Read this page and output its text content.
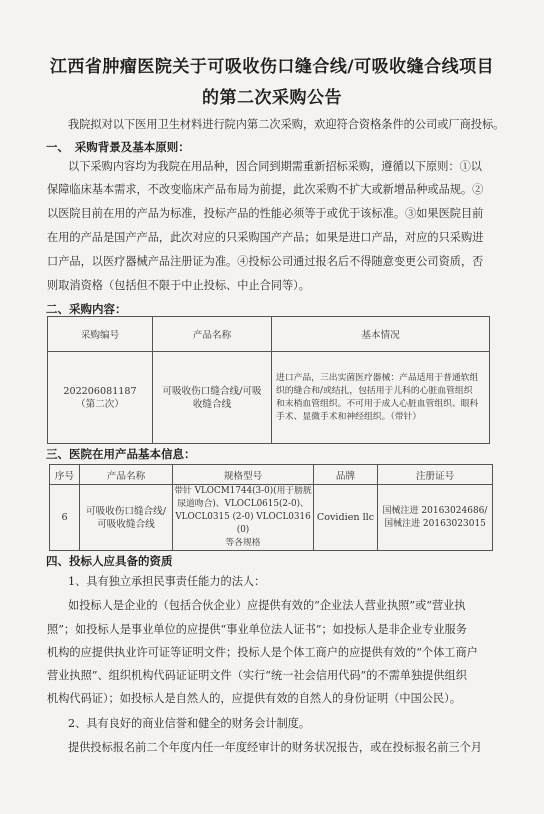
江西省肿瘤医院关于可吸收伤口缝合线/可吸收缝合线项目
的第二次采购公告
我院拟对以下医用卫生材料进行院内第二次采购，欢迎符合资格条件的公司或厂商投标。
一、　采购背景及基本原则：
以下采购内容均为我院在用品种，因合同到期需重新招标采购，遵循以下原则：①以
保障临床基本需求，不改变临床产品布局为前提，此次采购不扩大或新增品种或品规。②
以医院目前在用的产品为标准，投标产品的性能必须等于或优于该标准。③如果医院目前
在用的产品是国产产品，此次对应的只采购国产产品；如果是进口产品，对应的只采购进
口产品，以医疗器械产品注册证为准。④投标公司通过报名后不得随意变更公司资质，否
则取消资格（包括但不限于中止投标、中止合同等）。
二、采购内容：
采购编号	产品名称	基本情况

202206081187
（第二次）	可吸收伤口缝合线/可吸
收缝合线	进口产品，三出实菌医疗器械：产品适用于普通软组
织的缝合和/或结扎，包括用于儿科的心脏血管组织
和末梢血管组织。不可用于成人心脏血管组织、眼科
手术、显微手术和神经组织。（带针）
三、医院在用产品基本信息：
序号	产品名称	规格型号	品牌	注册证号
6	可吸收伤口缝合线/
可吸收缝合线	带针 VLOCM1744(3-0)(用于膀胱
尿道吻合)、VLOCL0615(2-0)、
VLOCL0315 (2-0) VLOCL0316 (0)
等各规格	Covidien llc	国械注进 20163024686/
国械注进 20163023015
四、投标人应具备的资质
1、具有独立承担民事责任能力的法人：
如投标人是企业的（包括合伙企业）应提供有效的“企业法人营业执照”或“营业执
照”；如投标人是事业单位的应提供“事业单位法人证书”；如投标人是非企业专业服务
机构的应提供执业许可证等证明文件；投标人是个体工商户的应提供有效的“个体工商户
营业执照”、组织机构代码证证明文件（实行“统一社会信用代码”的不需单独提供组织
机构代码证）；如投标人是自然人的，应提供有效的自然人的身份证明（中国公民）。
2、具有良好的商业信誉和健全的财务会计制度。
提供投标报名前二个年度内任一年度经审计的财务状况报告，或在投标报名前三个月
